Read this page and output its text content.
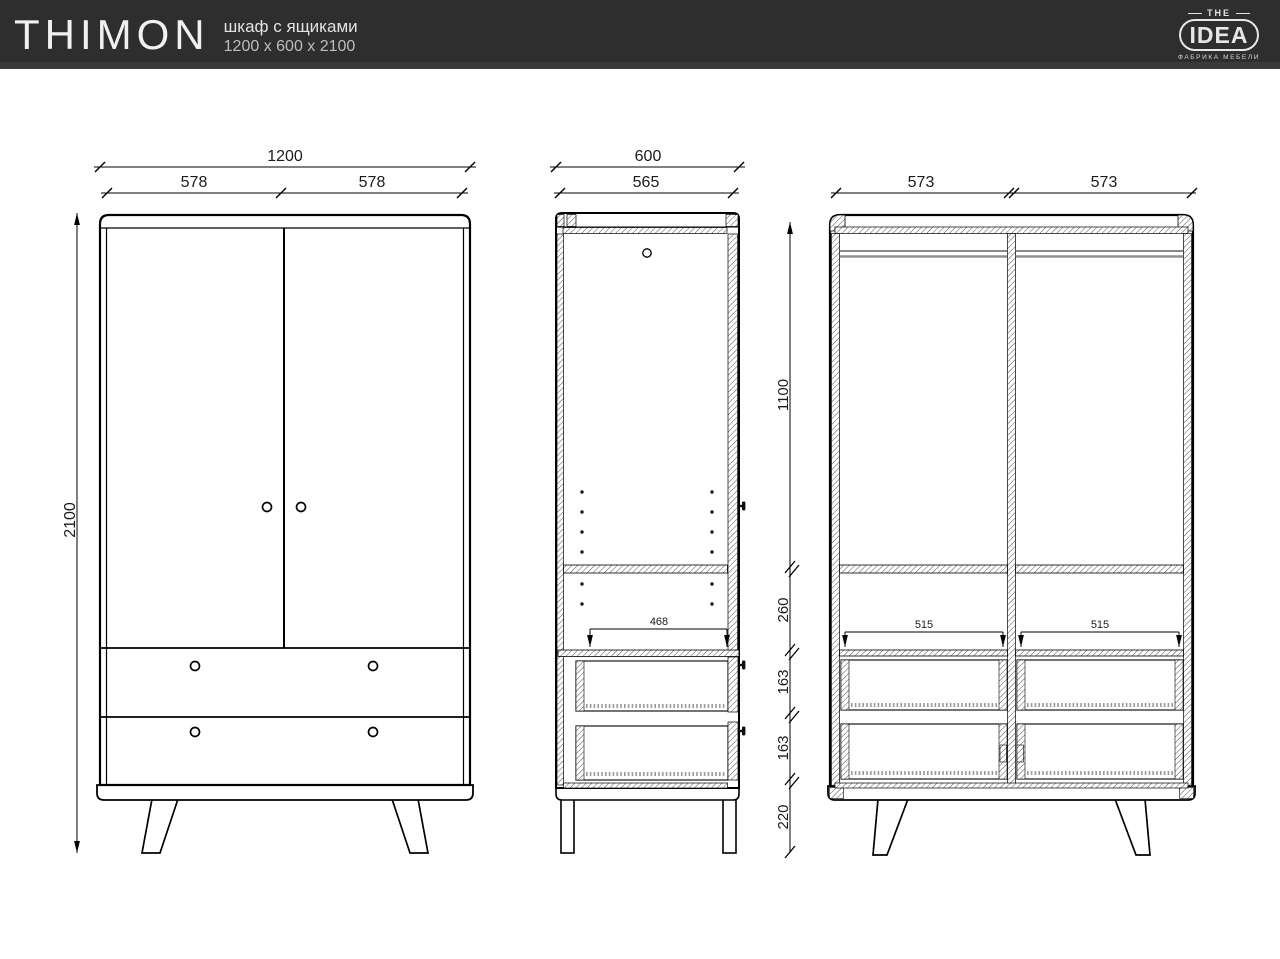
1200
578	578
2100
600
565
468
1100
260
163
163
220
573	573
515	515
THIMON шкаф с ящиками
1200 x 600 x 2100
THE
IDEA
ФАБРИКА МЕБЕЛИ
